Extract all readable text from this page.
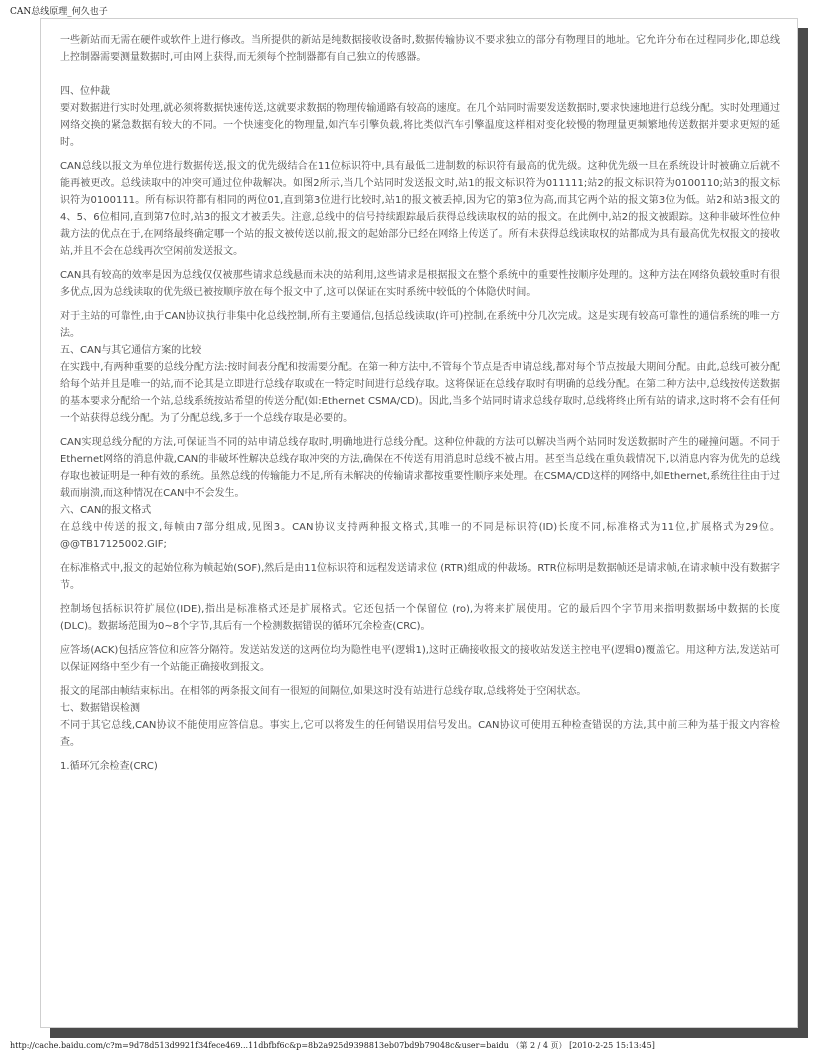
CAN总线原理_何久也子

一些新站而无需在硬件或软件上进行修改。当所提供的新站是纯数据接收设备时,数据传输协议不要求独立的部分有物理目的地址。它允许分布在过程同步化,即总线上控制器需要测量数据时,可由网上获得,而无须每个控制器都有自己独立的传感器。

四、位仲裁

要对数据进行实时处理,就必须将数据快速传送,这就要求数据的物理传输通路有较高的速度。在几个站同时需要发送数据时,要求快速地进行总线分配。实时处理通过网络交换的紧急数据有较大的不同。一个快速变化的物理量,如汽车引擎负载,将比类似汽车引擎温度这样相对变化较慢的物理量更频繁地传送数据并要求更短的延时。

CAN总线以报文为单位进行数据传送,报文的优先级结合在11位标识符中,具有最低二进制数的标识符有最高的优先级。这种优先级一旦在系统设计时被确立后就不能再被更改。总线读取中的冲突可通过位仲裁解决。如图2所示,当几个站同时发送报文时,站1的报文标识符为011111;站2的报文标识符为0100110;站3的报文标识符为0100111。所有标识符都有相同的两位01,直到第3位进行比较时,站1的报文被丢掉,因为它的第3位为高,而其它两个站的报文第3位为低。站2和站3报文的4、5、6位相同,直到第7位时,站3的报文才被丢失。注意,总线中的信号持续跟踪最后获得总线读取权的站的报文。在此例中,站2的报文被跟踪。这种非破坏性位仲裁方法的优点在于,在网络最终确定哪一个站的报文被传送以前,报文的起始部分已经在网络上传送了。所有未获得总线读取权的站都成为具有最高优先权报文的接收站,并且不会在总线再次空闲前发送报文。

CAN具有较高的效率是因为总线仅仅被那些请求总线悬而未决的站利用,这些请求是根据报文在整个系统中的重要性按顺序处理的。这种方法在网络负载较重时有很多优点,因为总线读取的优先级已被按顺序放在每个报文中了,这可以保证在实时系统中较低的个体隐伏时间。

对于主站的可靠性,由于CAN协议执行非集中化总线控制,所有主要通信,包括总线读取(许可)控制,在系统中分几次完成。这是实现有较高可靠性的通信系统的唯一方法。

五、CAN与其它通信方案的比较

在实践中,有两种重要的总线分配方法:按时间表分配和按需要分配。在第一种方法中,不管每个节点是否申请总线,都对每个节点按最大期间分配。由此,总线可被分配给每个站并且是唯一的站,而不论其是立即进行总线存取或在一特定时间进行总线存取。这将保证在总线存取时有明确的总线分配。在第二种方法中,总线按传送数据的基本要求分配给一个站,总线系统按站希望的传送分配(如:Ethernet CSMA/CD)。因此,当多个站同时请求总线存取时,总线将终止所有站的请求,这时将不会有任何一个站获得总线分配。为了分配总线,多于一个总线存取是必要的。

CAN实现总线分配的方法,可保证当不同的站申请总线存取时,明确地进行总线分配。这种位仲裁的方法可以解决当两个站同时发送数据时产生的碰撞问题。不同于Ethernet网络的消息仲裁,CAN的非破坏性解决总线存取冲突的方法,确保在不传送有用消息时总线不被占用。甚至当总线在重负载情况下,以消息内容为优先的总线存取也被证明是一种有效的系统。虽然总线的传输能力不足,所有未解决的传输请求都按重要性顺序来处理。在CSMA/CD这样的网络中,如Ethernet,系统往往由于过载而崩溃,而这种情况在CAN中不会发生。

六、CAN的报文格式

在总线中传送的报文,每帧由7部分组成,见图3。CAN协议支持两种报文格式,其唯一的不同是标识符(ID)长度不同,标准格式为11位,扩展格式为29位。 @@TB17125002.GIF;

在标准格式中,报文的起始位称为帧起始(SOF),然后是由11位标识符和远程发送请求位 (RTR)组成的仲裁场。RTR位标明是数据帧还是请求帧,在请求帧中没有数据字节。

控制场包括标识符扩展位(IDE),指出是标准格式还是扩展格式。它还包括一个保留位 (ro),为将来扩展使用。它的最后四个字节用来指明数据场中数据的长度(DLC)。数据场范围为0~8个字节,其后有一个检测数据错误的循环冗余检查(CRC)。

应答场(ACK)包括应答位和应答分隔符。发送站发送的这两位均为隐性电平(逻辑1),这时正确接收报文的接收站发送主控电平(逻辑0)覆盖它。用这种方法,发送站可以保证网络中至少有一个站能正确接收到报文。

报文的尾部由帧结束标出。在相邻的两条报文间有一很短的间隔位,如果这时没有站进行总线存取,总线将处于空闲状态。

七、数据错误检测

不同于其它总线,CAN协议不能使用应答信息。事实上,它可以将发生的任何错误用信号发出。CAN协议可使用五种检查错误的方法,其中前三种为基于报文内容检查。

1.循环冗余检查(CRC)

http://cache.baidu.com/c?m=9d78d513d9921f34fece469...11dbfbf6c&p=8b2a925d9398813eb07bd9b79048c&user=baidu （第 2 / 4 页） [2010-2-25 15:13:45]
